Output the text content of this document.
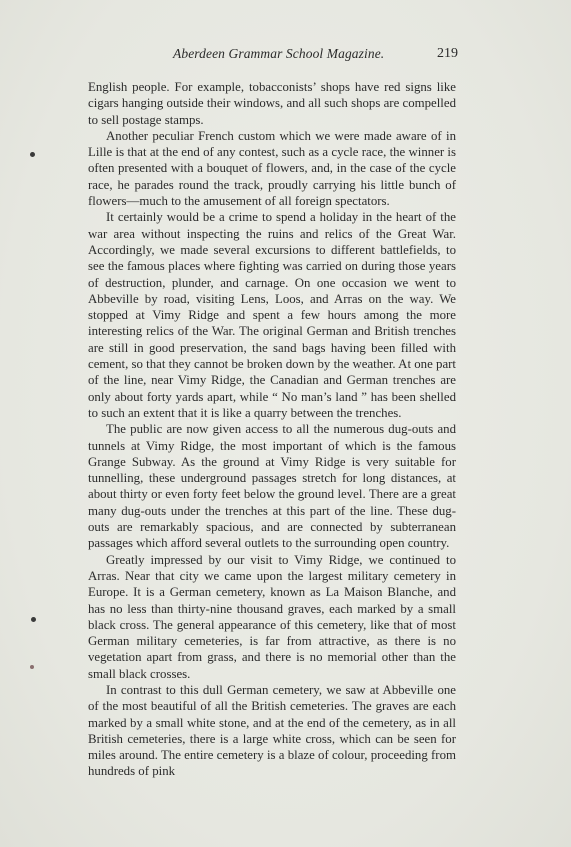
Aberdeen Grammar School Magazine.	219

English people. For example, tobacconists’ shops have red signs like cigars hanging outside their windows, and all such shops are compelled to sell postage stamps.

Another peculiar French custom which we were made aware of in Lille is that at the end of any contest, such as a cycle race, the winner is often presented with a bouquet of flowers, and, in the case of the cycle race, he parades round the track, proudly carrying his little bunch of flowers—much to the amusement of all foreign spectators.

It certainly would be a crime to spend a holiday in the heart of the war area without inspecting the ruins and relics of the Great War. Accordingly, we made several excursions to different battlefields, to see the famous places where fighting was carried on during those years of destruction, plunder, and carnage. On one occasion we went to Abbeville by road, visiting Lens, Loos, and Arras on the way. We stopped at Vimy Ridge and spent a few hours among the more interesting relics of the War. The original German and British trenches are still in good preservation, the sand bags having been filled with cement, so that they cannot be broken down by the weather. At one part of the line, near Vimy Ridge, the Canadian and German trenches are only about forty yards apart, while “ No man’s land ” has been shelled to such an extent that it is like a quarry between the trenches.

The public are now given access to all the numerous dug-outs and tunnels at Vimy Ridge, the most important of which is the famous Grange Subway. As the ground at Vimy Ridge is very suitable for tunnelling, these underground passages stretch for long distances, at about thirty or even forty feet below the ground level. There are a great many dug-outs under the trenches at this part of the line. These dug-outs are remarkably spacious, and are connected by subterranean passages which afford several outlets to the surrounding open country.

Greatly impressed by our visit to Vimy Ridge, we continued to Arras. Near that city we came upon the largest military cemetery in Europe. It is a German cemetery, known as La Maison Blanche, and has no less than thirty-nine thousand graves, each marked by a small black cross. The general appearance of this cemetery, like that of most German military cemeteries, is far from attractive, as there is no vegetation apart from grass, and there is no memorial other than the small black crosses.

In contrast to this dull German cemetery, we saw at Abbeville one of the most beautiful of all the British cemeteries. The graves are each marked by a small white stone, and at the end of the cemetery, as in all British cemeteries, there is a large white cross, which can be seen for miles around. The entire cemetery is a blaze of colour, proceeding from hundreds of pink
